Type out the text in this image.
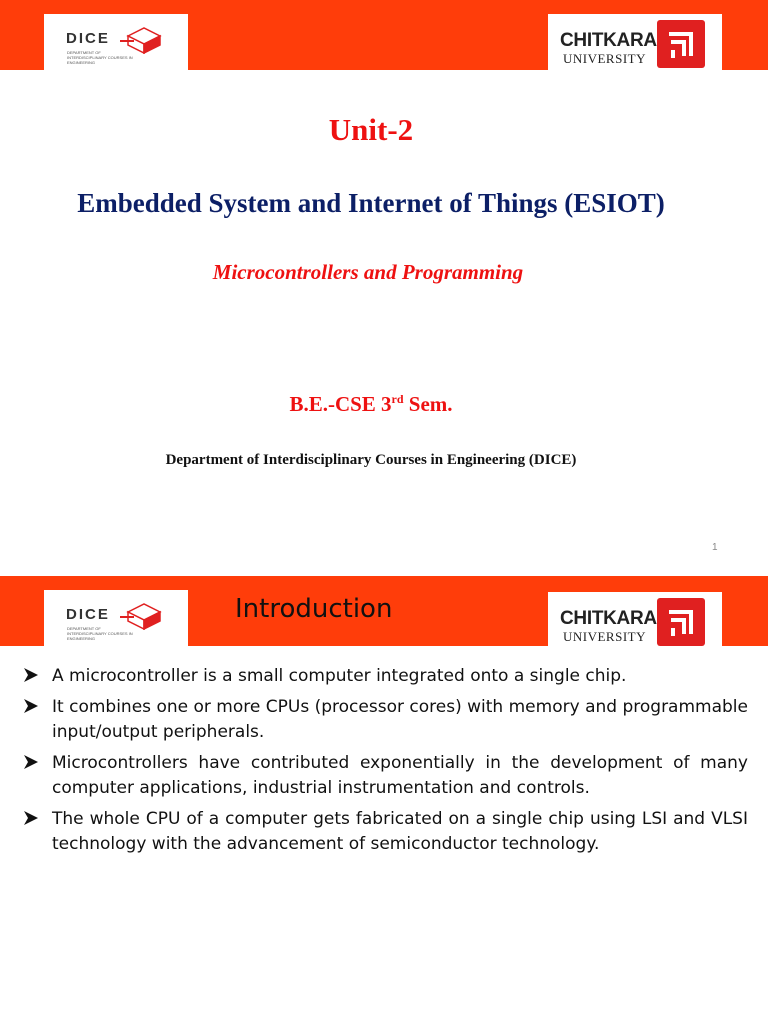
DICE
DEPARTMENT OF INTERDISCIPLINARY COURSES IN ENGINEERING
CHITKARA
UNIVERSITY
Unit-2
Embedded System and Internet of Things (ESIOT)
Microcontrollers and Programming
B.E.-CSE 3rd Sem.
Department of Interdisciplinary Courses in Engineering (DICE)
1
DICE
DEPARTMENT OF INTERDISCIPLINARY COURSES IN ENGINEERING
Introduction	CHITKARA
UNIVERSITY
A microcontroller is a small computer integrated onto a single chip.
It combines one or more CPUs (processor cores) with memory and programmable input/output peripherals.
Microcontrollers have contributed exponentially in the development of many computer applications, industrial instrumentation and controls.
The whole CPU of a computer gets fabricated on a single chip using LSI and VLSI technology with the advancement of semiconductor technology.
